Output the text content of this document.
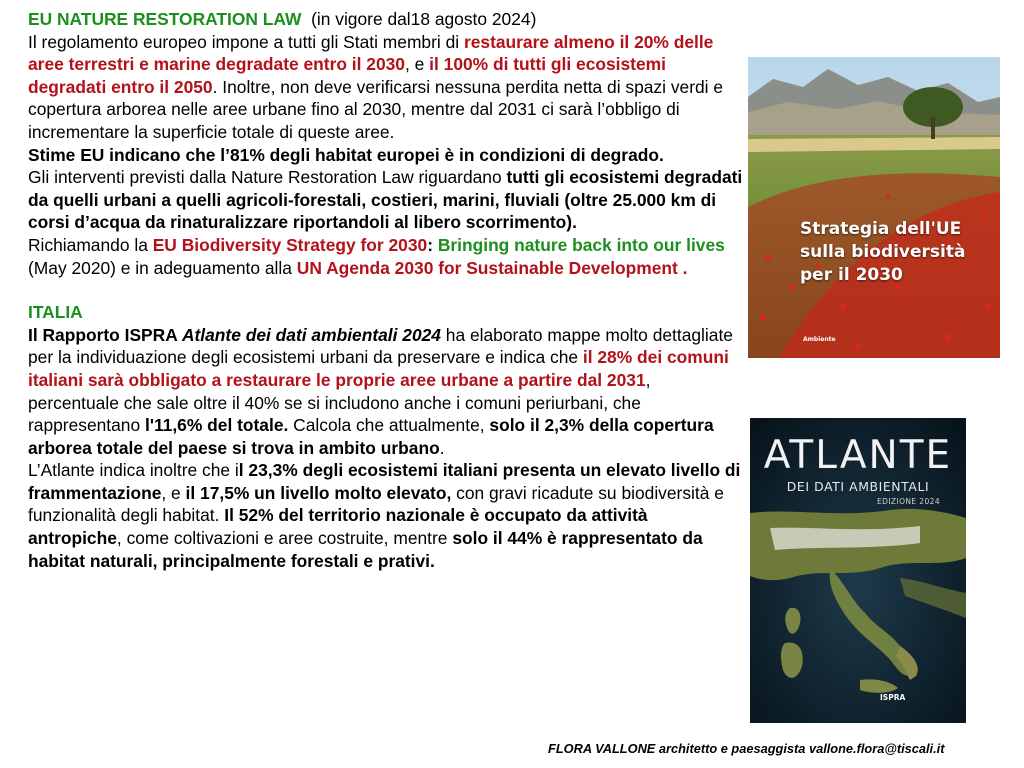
EU NATURE RESTORATION LAW (in vigore dal18 agosto 2024)

Il regolamento europeo impone a tutti gli Stati membri di restaurare almeno il 20% delle aree terrestri e marine degradate entro il 2030, e il 100% di tutti gli ecosistemi degradati entro il 2050. Inoltre, non deve verificarsi nessuna perdita netta di spazi verdi e copertura arborea nelle aree urbane fino al 2030, mentre dal 2031 ci sarà l’obbligo di incrementare la superficie totale di queste aree.

Stime EU indicano che l’81% degli habitat europei è in condizioni di degrado.

Gli interventi previsti dalla Nature Restoration Law riguardano tutti gli ecosistemi degradati da quelli urbani a quelli agricoli-forestali, costieri, marini, fluviali (oltre 25.000 km di corsi d’acqua da rinaturalizzare riportandoli al libero scorrimento).

Richiamando la EU Biodiversity Strategy for 2030: Bringing nature back into our lives (May 2020) e in adeguamento alla UN Agenda 2030 for Sustainable Development .

ITALIA

Il Rapporto ISPRA Atlante dei dati ambientali 2024 ha elaborato mappe molto dettagliate per la individuazione degli ecosistemi urbani da preservare e indica che il 28% dei comuni italiani sarà obbligato a restaurare le proprie aree urbane a partire dal 2031, percentuale che sale oltre il 40% se si includono anche i comuni periurbani, che rappresentano l'11,6% del totale. Calcola che attualmente, solo il 2,3% della copertura arborea totale del paese si trova in ambito urbano.

L’Atlante indica inoltre che il 23,3% degli ecosistemi italiani presenta un elevato livello di frammentazione, e il 17,5% un livello molto elevato, con gravi ricadute su biodiversità e funzionalità degli habitat. Il 52% del territorio nazionale è occupato da attività antropiche, come coltivazioni e aree costruite, mentre solo il 44% è rappresentato da habitat naturali, principalmente forestali e prativi.

Strategia dell'UE
sulla biodiversità
per il 2030
Ambiente
ATLANTE
DEI DATI AMBIENTALI
EDIZIONE 2024
ISPRA
FLORA VALLONE architetto e paesaggista vallone.flora@tiscali.it
